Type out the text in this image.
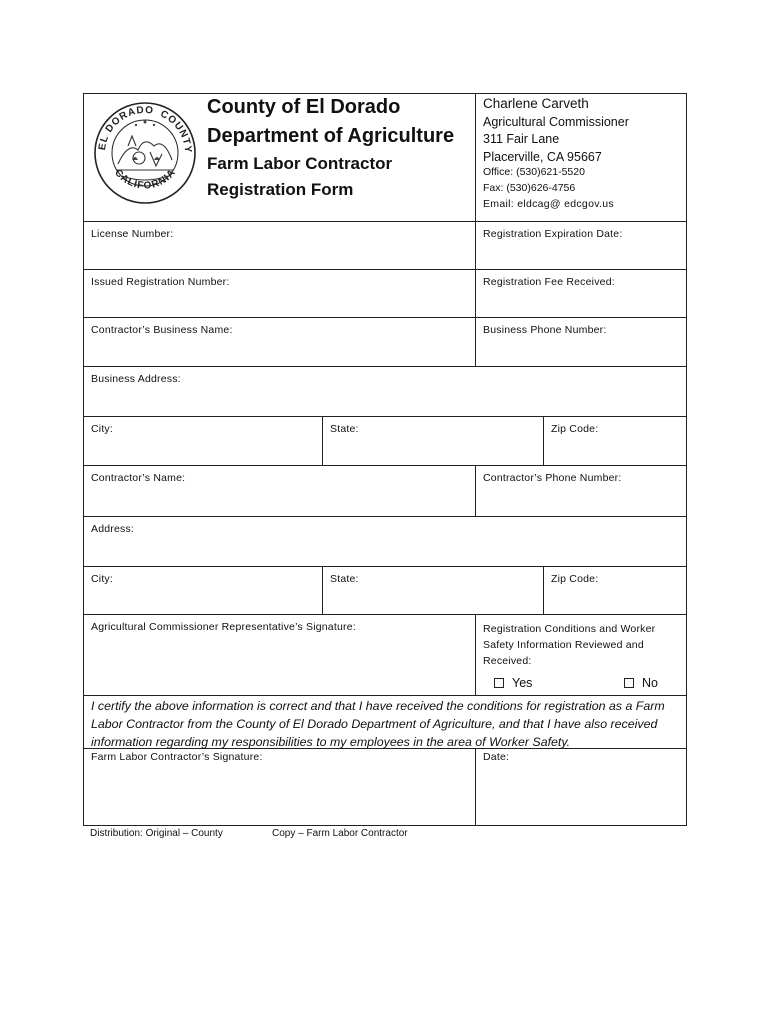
EL DORADO COUNTY
CALIFORNIA
County of El Dorado
Department of Agriculture
Farm Labor Contractor
Registration Form
Charlene Carveth
Agricultural Commissioner
311 Fair Lane
Placerville, CA 95667
Office: (530)621-5520
Fax: (530)626-4756
Email: eldcag@ edcgov.us
License Number:	Registration Expiration Date:
Issued Registration Number:	Registration Fee Received:
Contractor’s Business Name:	Business Phone Number:
Business Address:
City:	State:	Zip Code:
Contractor’s Name:	Contractor’s Phone Number:
Address:
City:	State:	Zip Code:
Agricultural Commissioner Representative’s Signature:	Registration Conditions and Worker Safety Information Reviewed and Received:
Yes	No
I certify the above information is correct and that I have received the conditions for registration as a Farm Labor Contractor from the County of El Dorado Department of Agriculture, and that I have also received information regarding my responsibilities to my employees in the area of Worker Safety.
Farm Labor Contractor’s Signature:	Date:
Distribution: Original – County	Copy – Farm Labor Contractor
